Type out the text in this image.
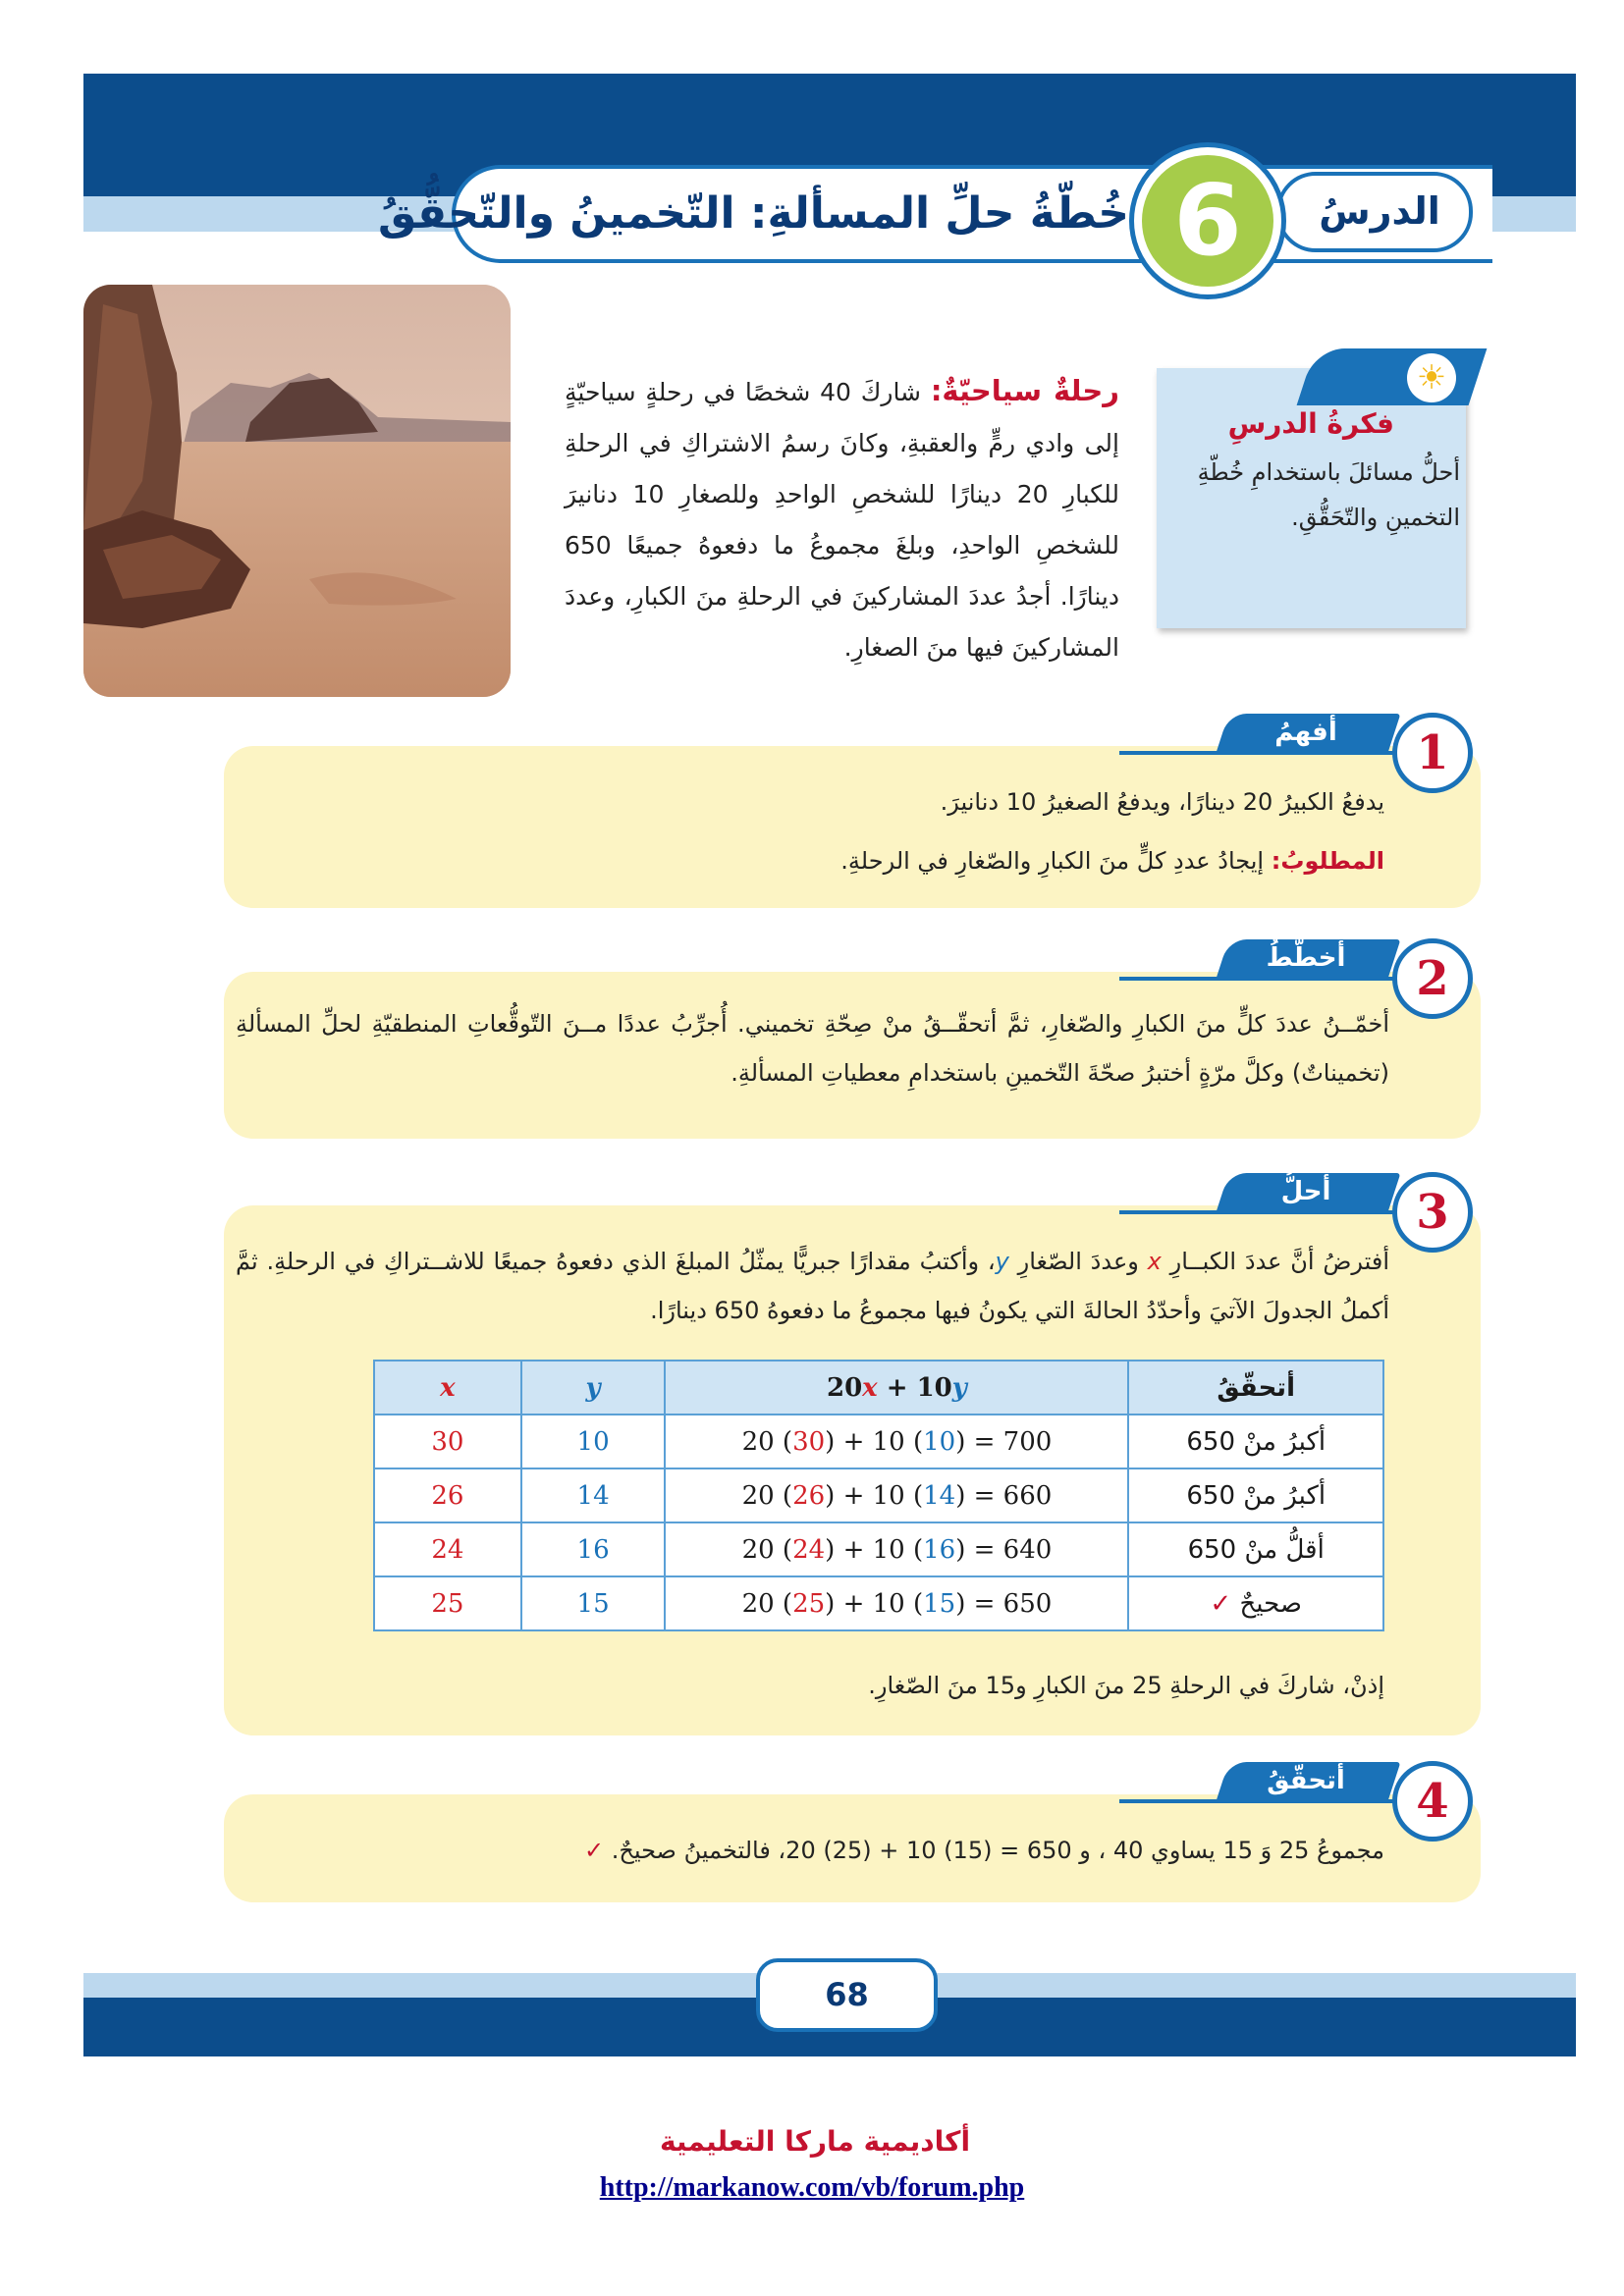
خُطّةُ حلِّ المسألةِ: التّخمينُ والتّحقُّقُ	الدرسُ
6
رحلةٌ سياحيّةٌ: شاركَ 40 شخصًا في رحلةٍ سياحيّةٍ إلى وادي رمٍّ والعقبةِ، وكانَ رسمُ الاشتراكِ في الرحلةِ للكبارِ 20 دينارًا للشخصِ الواحدِ وللصغارِ 10 دنانيرَ للشخصِ الواحدِ، وبلغَ مجموعُ ما دفعوهُ جميعًا 650 دينارًا. أجدُ عددَ المشاركينَ في الرحلةِ منَ الكبارِ، وعددَ المشاركينَ فيها منَ الصغارِ.
☀
فكرةُ الدرسِ
أحلُّ مسائلَ باستخدامِ خُطّةِ التخمينِ والتّحَقُّقِ.
أفهمُ	1
يدفعُ الكبيرُ 20 دينارًا، ويدفعُ الصغيرُ 10 دنانيرَ.
المطلوبُ: إيجادُ عددِ كلٍّ منَ الكبارِ والصّغارِ في الرحلةِ.
أخطّطُ	2
أخمّــنُ عددَ كلٍّ منَ الكبارِ والصّغارِ، ثمَّ أتحقّــقُ منْ صِحّةِ تخميني. أُجرِّبُ عددًا مــنَ التّوقُّعاتِ المنطقيّةِ لحلِّ المسألةِ (تخميناتٌ) وكلَّ مرّةٍ أختبرُ صحّةَ التّخمينِ باستخدامِ معطياتِ المسألةِ.
أحلُّ	3
أفترضُ أنَّ عددَ الكبــارِ x وعددَ الصّغارِ y، وأكتبُ مقدارًا جبريًّا يمثّلُ المبلغَ الذي دفعوهُ جميعًا للاشــتراكِ في الرحلةِ. ثمَّ أكملُ الجدولَ الآتيَ وأحدّدُ الحالةَ التي يكونُ فيها مجموعُ ما دفعوهُ 650 دينارًا.
x	y	20x + 10y	أتحقّقُ
30	10	20 (30) + 10 (10) = 700	أكبرُ منْ 650
26	14	20 (26) + 10 (14) = 660	أكبرُ منْ 650
24	16	20 (24) + 10 (16) = 640	أقلُّ منْ 650
25	15	20 (25) + 10 (15) = 650	صحيحٌ ✓
إذنْ، شاركَ في الرحلةِ 25 منَ الكبارِ و15 منَ الصّغارِ.
أتحقّقُ	4
مجموعُ 25 وَ 15 يساوي 40 ، و 650 = (15) 10 + (25) 20، فالتخمينُ صحيحٌ. ✓
68
أكاديمية ماركا التعليمية
http://markanow.com/vb/forum.php
